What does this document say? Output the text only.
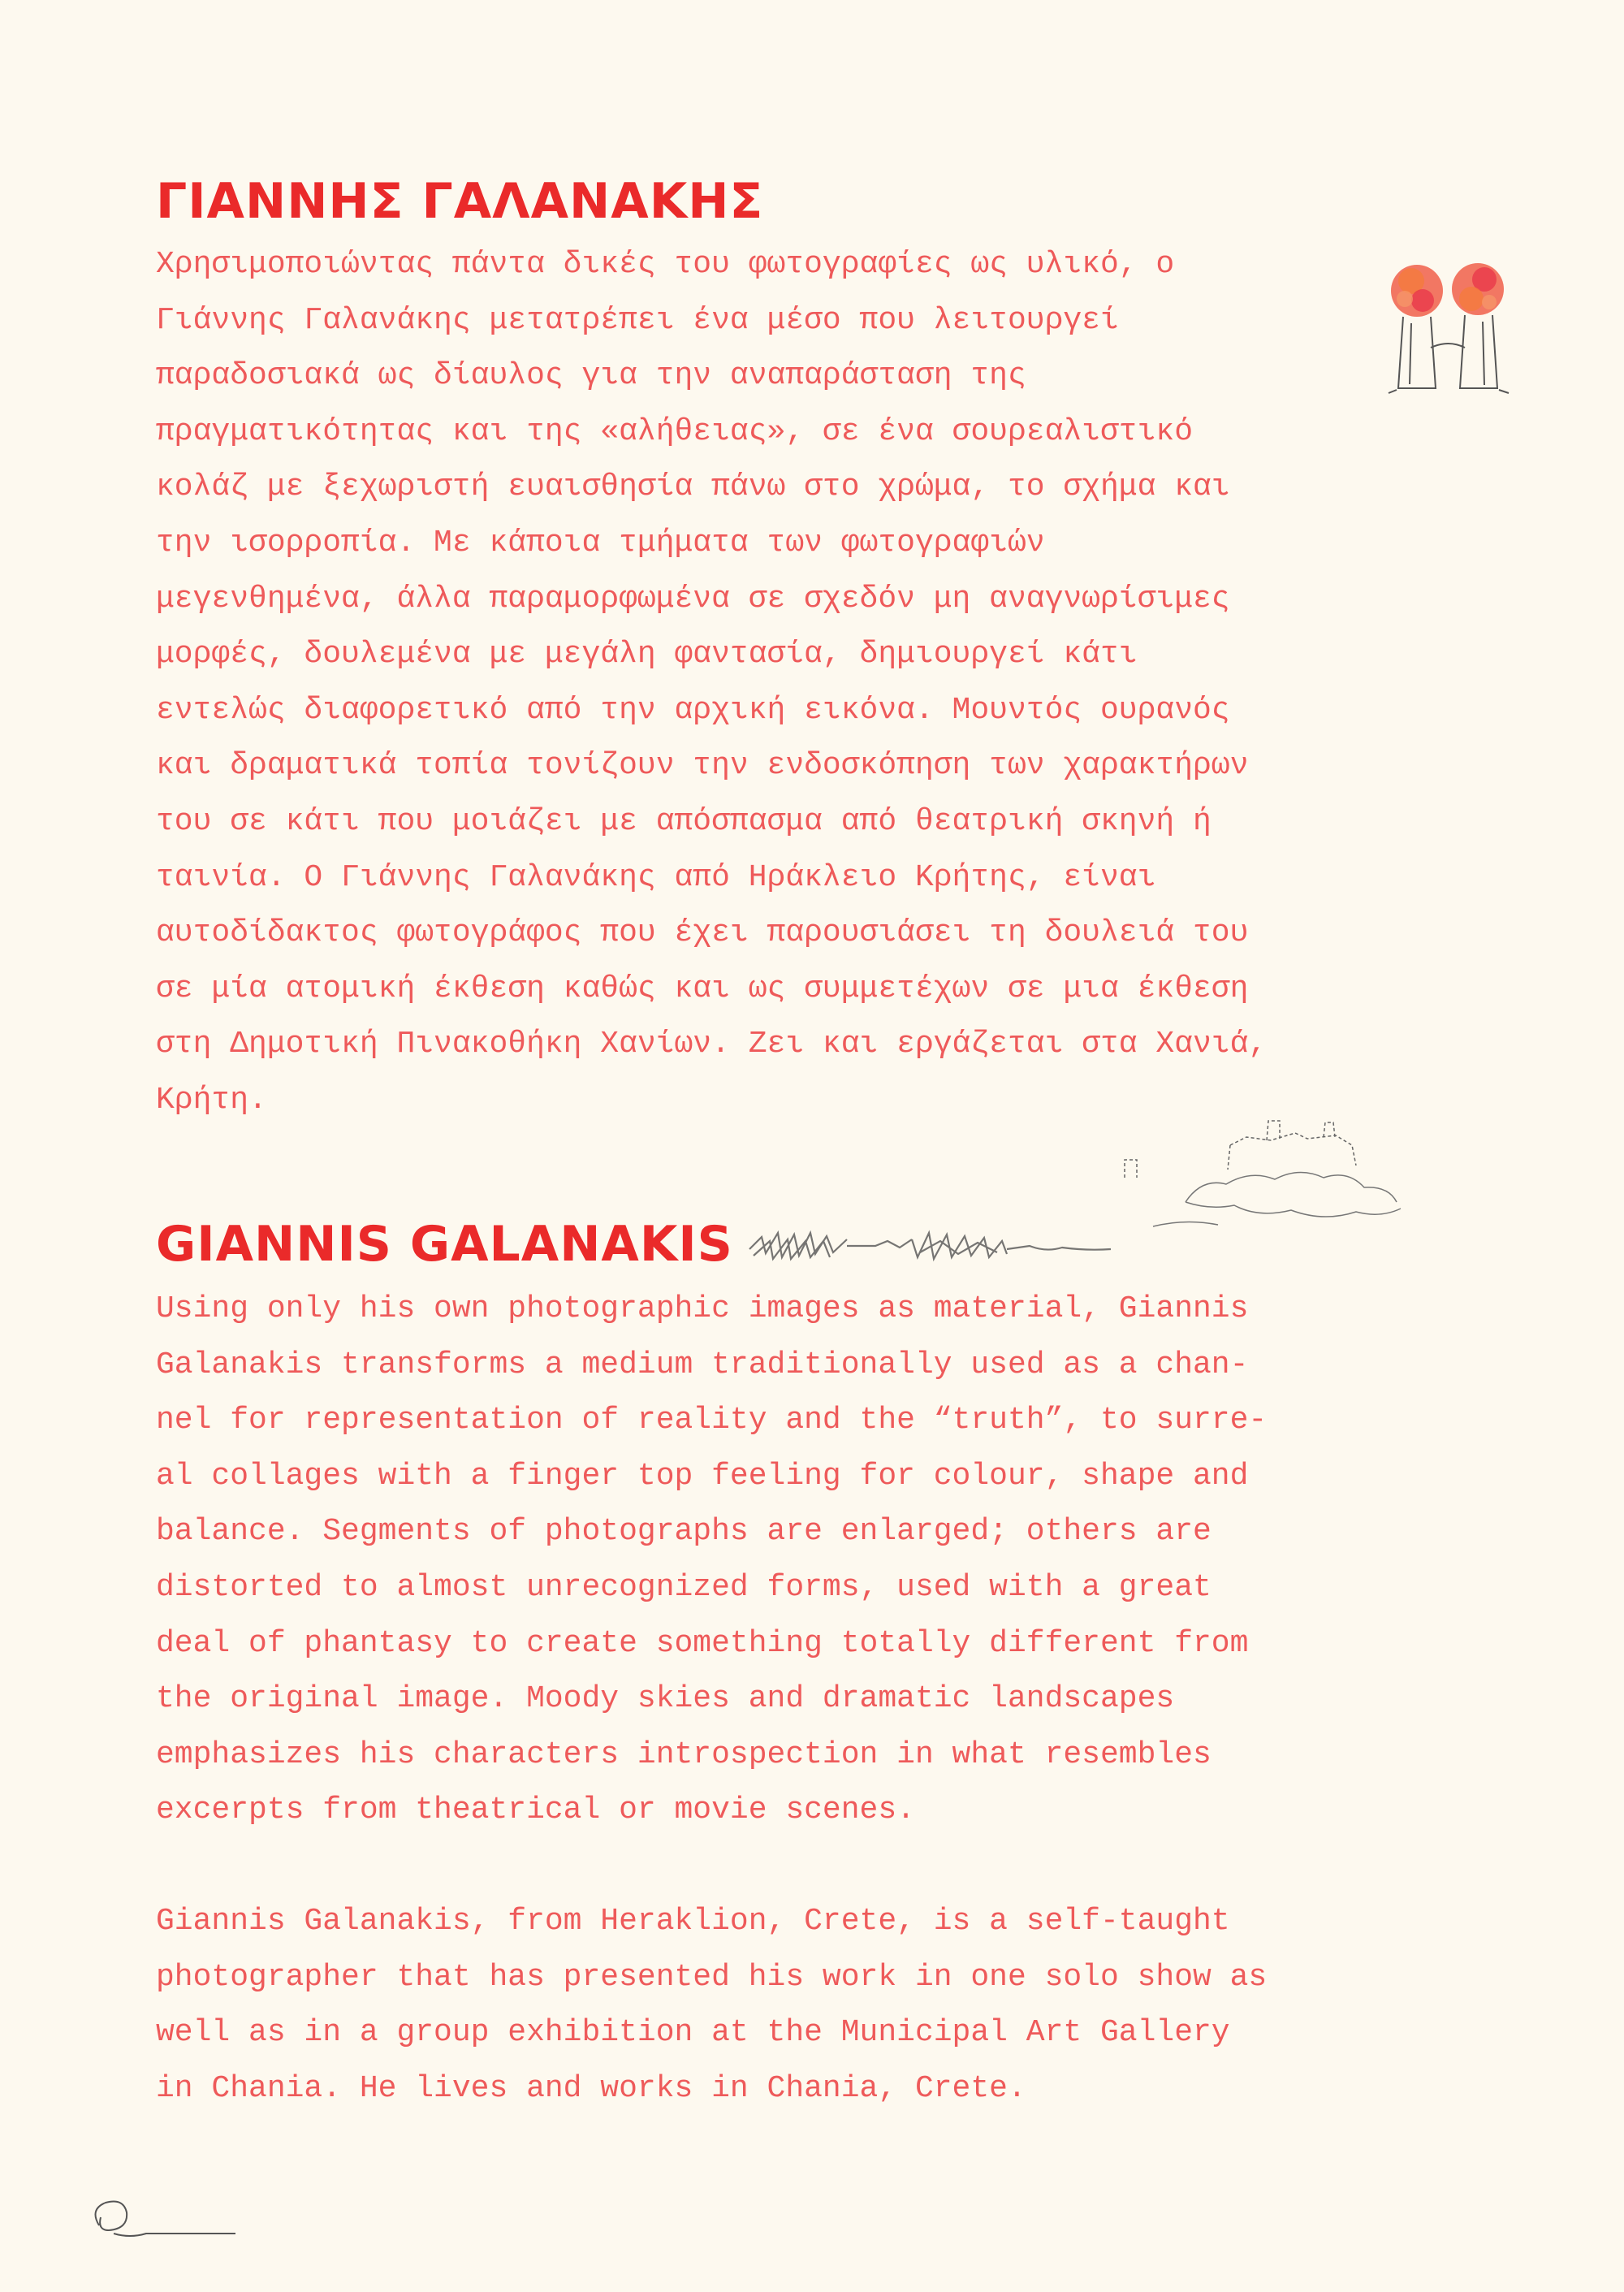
ΓΙΑΝΝΗΣ ΓΑΛΑΝΑΚΗΣ

Χρησιμοποιώντας πάντα δικές του φωτογραφίες ως υλικό, ο
Γιάννης Γαλανάκης μετατρέπει ένα μέσο που λειτουργεί
παραδοσιακά ως δίαυλος για την αναπαράσταση της
πραγματικότητας και της «αλήθειας», σε ένα σουρεαλιστικό
κολάζ με ξεχωριστή ευαισθησία πάνω στο χρώμα, το σχήμα και
την ισορροπία. Με κάποια τμήματα των φωτογραφιών
μεγενθημένα, άλλα παραμορφωμένα σε σχεδόν μη αναγνωρίσιμες
μορφές, δουλεμένα με μεγάλη φαντασία, δημιουργεί κάτι
εντελώς διαφορετικό από την αρχική εικόνα. Μουντός ουρανός
και δραματικά τοπία τονίζουν την ενδοσκόπηση των χαρακτήρων
του σε κάτι που μοιάζει με απόσπασμα από θεατρική σκηνή ή
ταινία. Ο Γιάννης Γαλανάκης από Ηράκλειο Κρήτης, είναι
αυτοδίδακτος φωτογράφος που έχει παρουσιάσει τη δουλειά του
σε μία ατομική έκθεση καθώς και ως συμμετέχων σε μια έκθεση
στη Δημοτική Πινακοθήκη Χανίων. Ζει και εργάζεται στα Χανιά,
Κρήτη.

GIANNIS GALANAKIS

Using only his own photographic images as material, Giannis
Galanakis transforms a medium traditionally used as a chan-
nel for representation of reality and the “truth”, to surre-
al collages with a finger top feeling for colour, shape and
balance. Segments of photographs are enlarged; others are
distorted to almost unrecognized forms, used with a great
deal of phantasy to create something totally different from
the original image. Moody skies and dramatic landscapes
emphasizes his characters introspection in what resembles
excerpts from theatrical or movie scenes.

Giannis Galanakis, from Heraklion, Crete, is a self-taught
photographer that has presented his work in one solo show as
well as in a group exhibition at the Municipal Art Gallery
in Chania. He lives and works in Chania, Crete.
